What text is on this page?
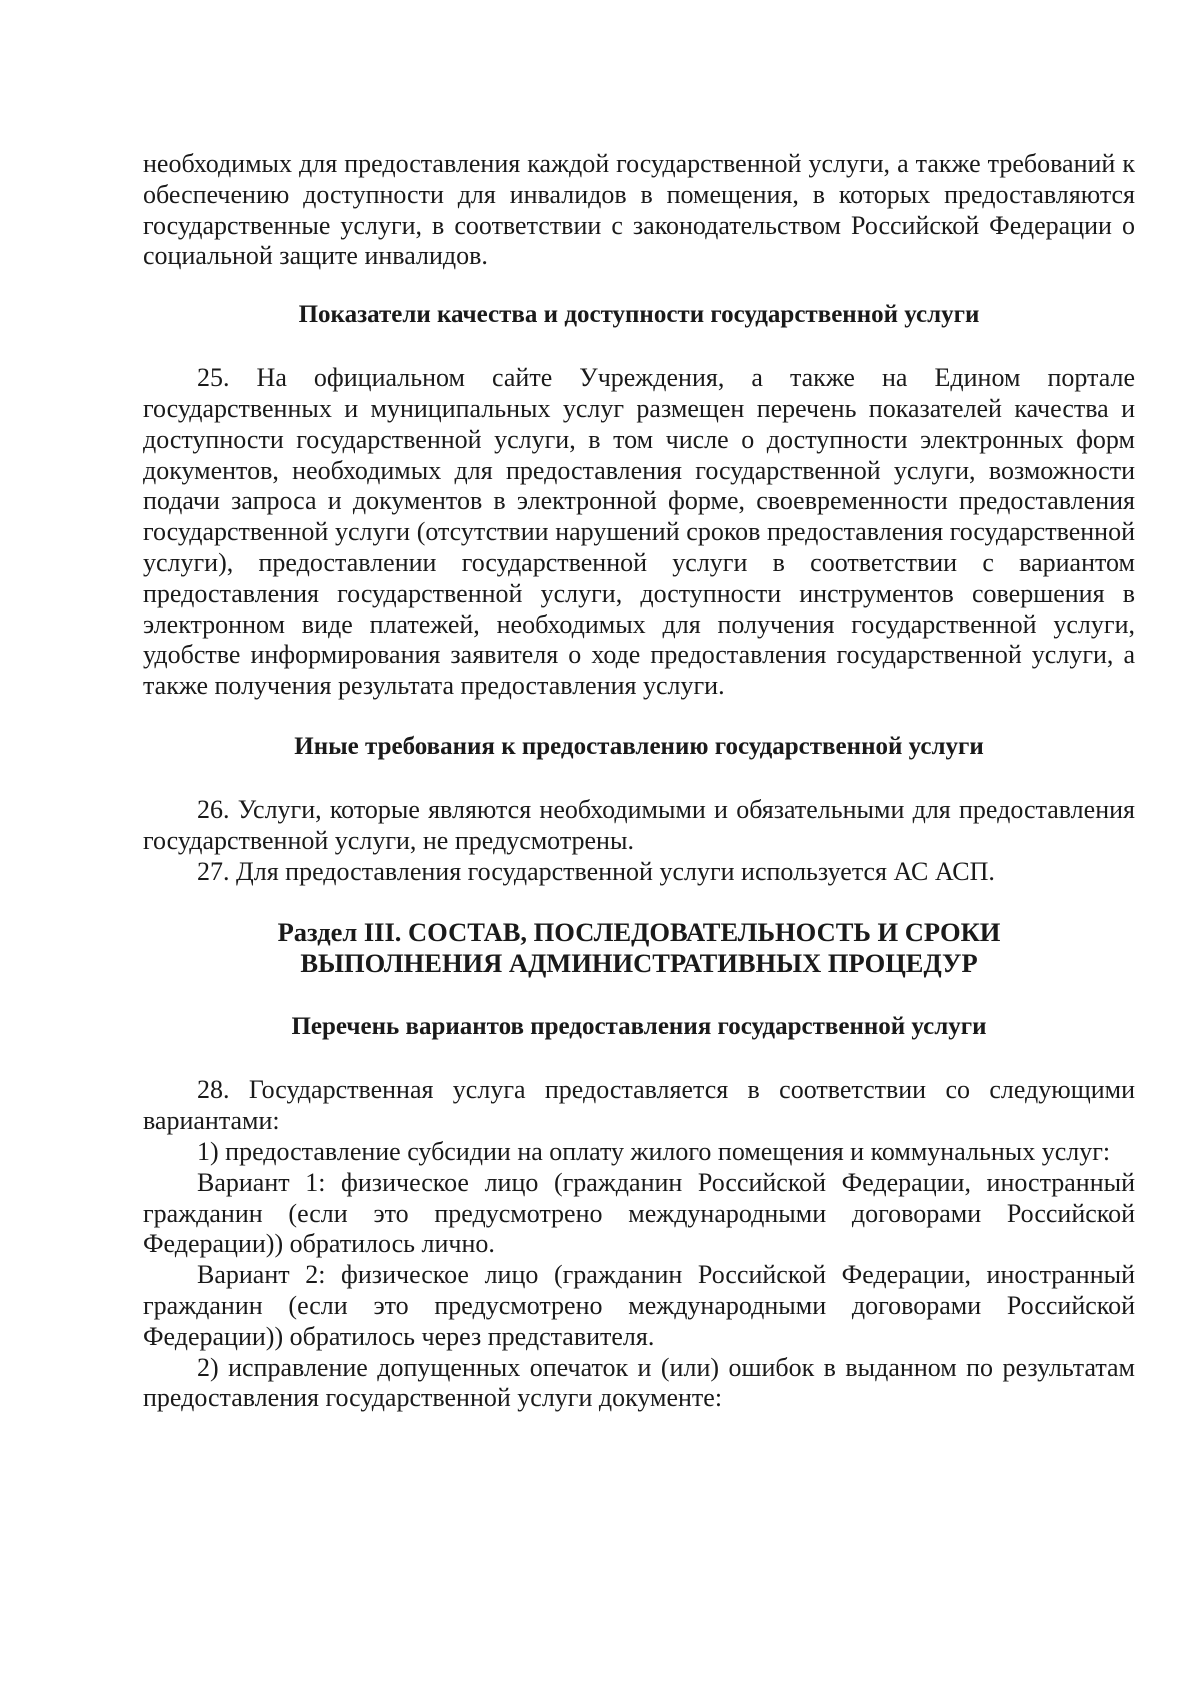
необходимых для предоставления каждой государственной услуги, а также требований к обеспечению доступности для инвалидов в помещения, в которых предоставляются государственные услуги, в соответствии с законодательством Российской Федерации о социальной защите инвалидов.

Показатели качества и доступности государственной услуги

25. На официальном сайте Учреждения, а также на Едином портале государственных и муниципальных услуг размещен перечень показателей качества и доступности государственной услуги, в том числе о доступности электронных форм документов, необходимых для предоставления государственной услуги, возможности подачи запроса и документов в электронной форме, своевременности предоставления государственной услуги (отсутствии нарушений сроков предоставления государственной услуги), предоставлении государственной услуги в соответствии с вариантом предоставления государственной услуги, доступности инструментов совершения в электронном виде платежей, необходимых для получения государственной услуги, удобстве информирования заявителя о ходе предоставления государственной услуги, а также получения результата предоставления услуги.

Иные требования к предоставлению государственной услуги

26. Услуги, которые являются необходимыми и обязательными для предоставления государственной услуги, не предусмотрены.

27. Для предоставления государственной услуги используется АС АСП.

Раздел III. СОСТАВ, ПОСЛЕДОВАТЕЛЬНОСТЬ И СРОКИ
ВЫПОЛНЕНИЯ АДМИНИСТРАТИВНЫХ ПРОЦЕДУР
Перечень вариантов предоставления государственной услуги

28. Государственная услуга предоставляется в соответствии со следующими вариантами:

1) предоставление субсидии на оплату жилого помещения и коммунальных услуг:

Вариант 1: физическое лицо (гражданин Российской Федерации, иностранный гражданин (если это предусмотрено международными договорами Российской Федерации)) обратилось лично.

Вариант 2: физическое лицо (гражданин Российской Федерации, иностранный гражданин (если это предусмотрено международными договорами Российской Федерации)) обратилось через представителя.

2) исправление допущенных опечаток и (или) ошибок в выданном по результатам предоставления государственной услуги документе:
